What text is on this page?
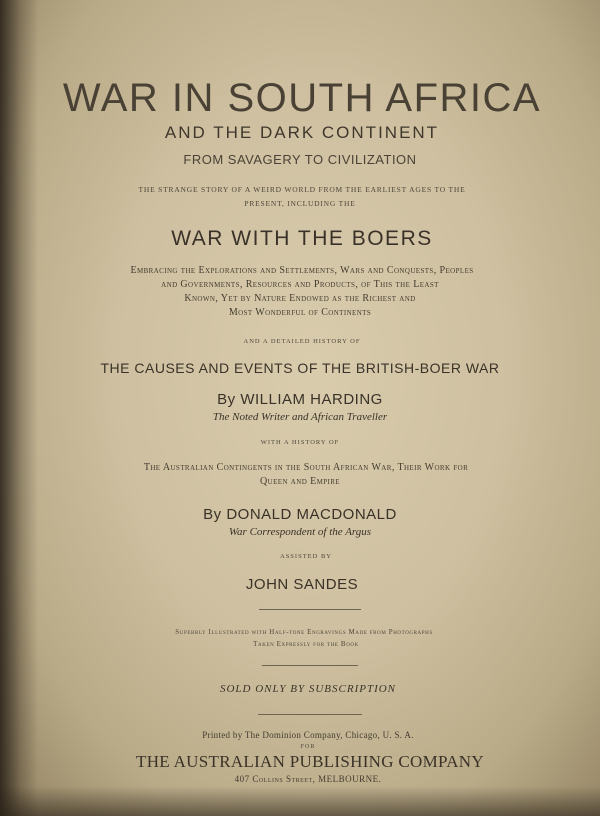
WAR IN SOUTH AFRICA

AND THE DARK CONTINENT

FROM SAVAGERY TO CIVILIZATION

THE STRANGE STORY OF A WEIRD WORLD FROM THE EARLIEST AGES TO THE

PRESENT, INCLUDING THE

WAR WITH THE BOERS

Embracing the Explorations and Settlements, Wars and Conquests, Peoples

and Governments, Resources and Products, of This the Least

Known, Yet by Nature Endowed as the Richest and

Most Wonderful of Continents

AND A DETAILED HISTORY OF

THE CAUSES AND EVENTS OF THE BRITISH-BOER WAR

By WILLIAM HARDING

The Noted Writer and African Traveller

WITH A HISTORY OF

The Australian Contingents in the South African War, Their Work for

Queen and Empire

By DONALD MACDONALD

War Correspondent of the Argus

ASSISTED BY

JOHN SANDES

Superbly Illustrated with Half-tone Engravings Made from Photographs

Taken Expressly for the Book

SOLD ONLY BY SUBSCRIPTION

Printed by The Dominion Company, Chicago, U. S. A.

FOR

THE AUSTRALIAN PUBLISHING COMPANY

407 Collins Street, MELBOURNE.
